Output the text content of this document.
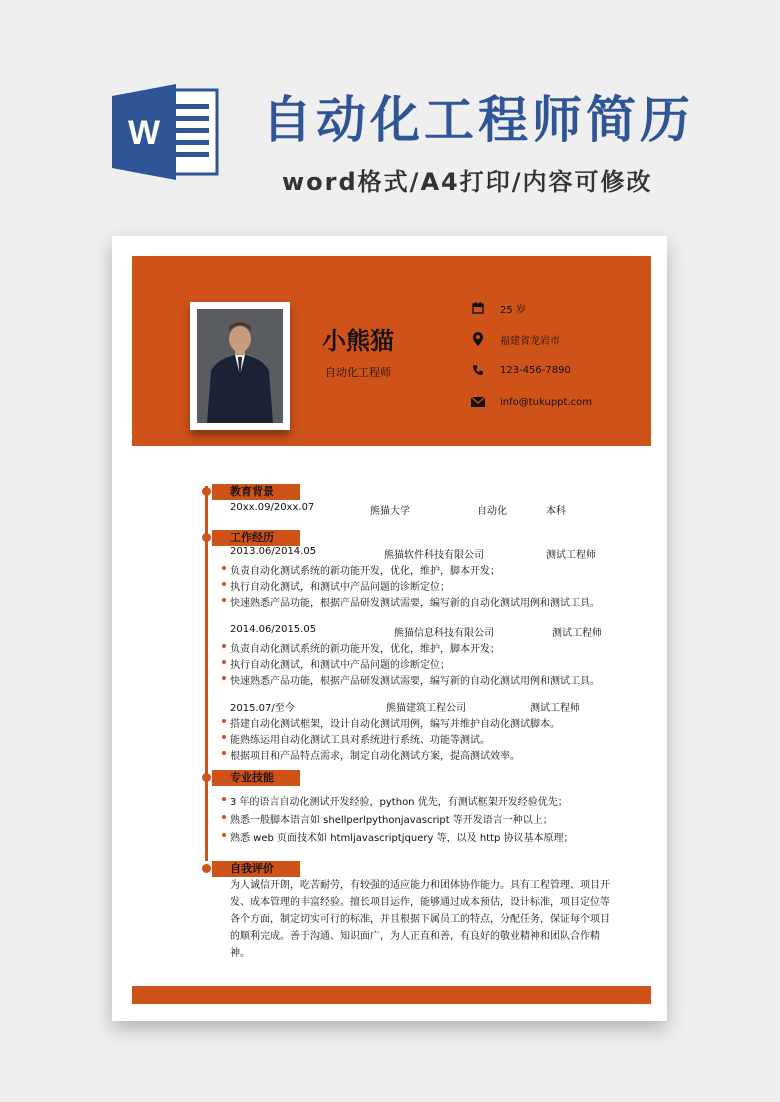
W 自动化工程师简历
word格式/A4打印/内容可修改
小熊猫
自动化工程师
25 岁
福建省龙岩市
123-456-7890
info@tukuppt.com
教育背景
20xx.09/20xx.07	熊猫大学	自动化	本科
工作经历
2013.06/2014.05	熊猫软件科技有限公司	测试工程师
负责自动化测试系统的新功能开发，优化，维护，脚本开发；
执行自动化测试，和测试中产品问题的诊断定位；
快速熟悉产品功能，根据产品研发测试需要，编写新的自动化测试用例和测试工具。
2014.06/2015.05	熊猫信息科技有限公司	测试工程师
负责自动化测试系统的新功能开发，优化，维护，脚本开发；
执行自动化测试，和测试中产品问题的诊断定位；
快速熟悉产品功能，根据产品研发测试需要，编写新的自动化测试用例和测试工具。
2015.07/至今	熊猫建筑工程公司	测试工程师
搭建自动化测试框架，设计自动化测试用例，编写并维护自动化测试脚本。
能熟练运用自动化测试工具对系统进行系统、功能等测试。
根据项目和产品特点需求，制定自动化测试方案，提高测试效率。
专业技能
3 年的语言自动化测试开发经验，python 优先，有测试框架开发经验优先；
熟悉一般脚本语言如 shellperlpythonjavascript 等开发语言一种以上；
熟悉 web 页面技术如 htmljavascriptjquery 等，以及 http 协议基本原理；
自我评价
为人诚信开朗，吃苦耐劳，有较强的适应能力和团体协作能力。具有工程管理、项目开发、成本管理的丰富经验。擅长项目运作，能够通过成本预估，设计标准，项目定位等各个方面，制定切实可行的标准，并且根据下属员工的特点，分配任务，保证每个项目的顺利完成。善于沟通、知识面广，为人正直和善，有良好的敬业精神和团队合作精神。
